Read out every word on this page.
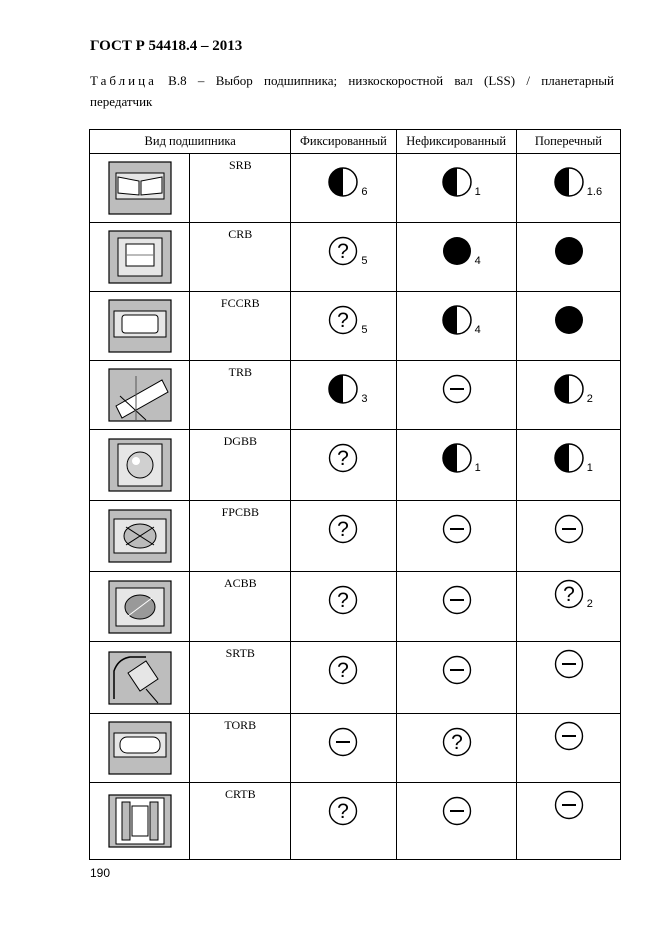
ГОСТ Р 54418.4 – 2013
Таблица В.8 – Выбор подшипника; низкоскоростной вал (LSS) / планетарный
передатчик
Вид подшипника		Фиксированный	Нефиксированный	Поперечный

	SRB	6	1	1.6

	CRB	? 5	4

	FCCRB	? 5	4

	TRB	3		2

	DGBB	?	1	1

	FPCBB	?

	ACBB	?		? 2

	SRTB	?

	TORB		?

	CRTB	?

190
